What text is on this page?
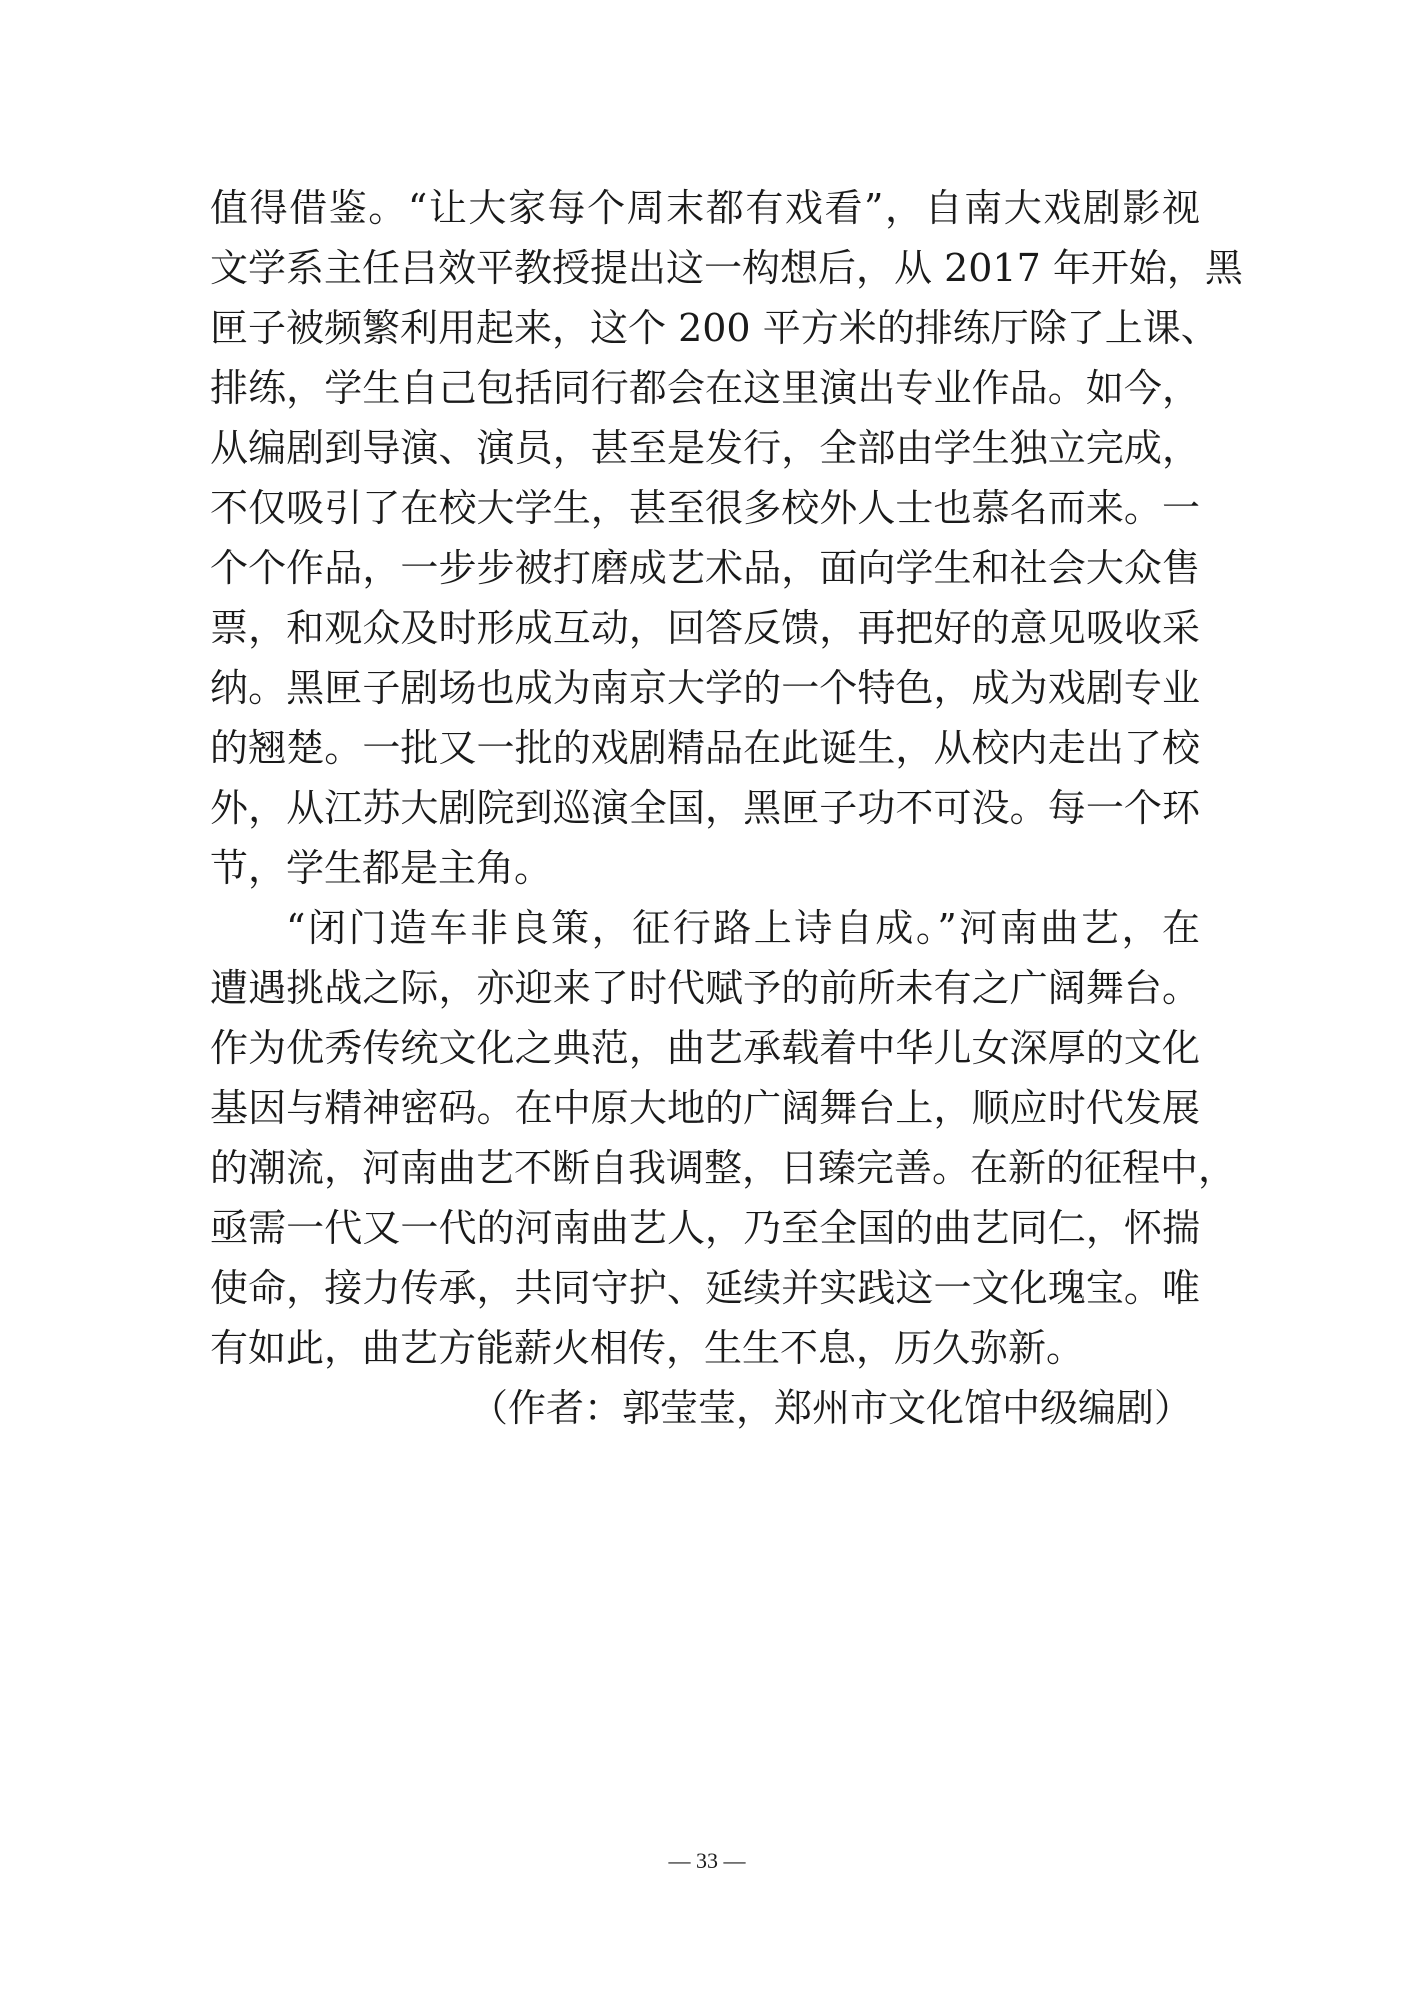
值得借鉴。“让大家每个周末都有戏看”，自南大戏剧影视
文学系主任吕效平教授提出这一构想后，从 2017 年开始，黑
匣子被频繁利用起来，这个 200 平方米的排练厅除了上课、
排练，学生自己包括同行都会在这里演出专业作品。如今，
从编剧到导演、演员，甚至是发行，全部由学生独立完成，
不仅吸引了在校大学生，甚至很多校外人士也慕名而来。一
个个作品，一步步被打磨成艺术品，面向学生和社会大众售
票，和观众及时形成互动，回答反馈，再把好的意见吸收采
纳。黑匣子剧场也成为南京大学的一个特色，成为戏剧专业
的翘楚。一批又一批的戏剧精品在此诞生，从校内走出了校
外，从江苏大剧院到巡演全国，黑匣子功不可没。每一个环
节，学生都是主角。
“闭门造车非良策，征行路上诗自成。”河南曲艺，在
遭遇挑战之际，亦迎来了时代赋予的前所未有之广阔舞台。
作为优秀传统文化之典范，曲艺承载着中华儿女深厚的文化
基因与精神密码。在中原大地的广阔舞台上，顺应时代发展
的潮流，河南曲艺不断自我调整，日臻完善。在新的征程中，
亟需一代又一代的河南曲艺人，乃至全国的曲艺同仁，怀揣
使命，接力传承，共同守护、延续并实践这一文化瑰宝。唯
有如此，曲艺方能薪火相传，生生不息，历久弥新。
（作者：郭莹莹，郑州市文化馆中级编剧）
— 33 —
